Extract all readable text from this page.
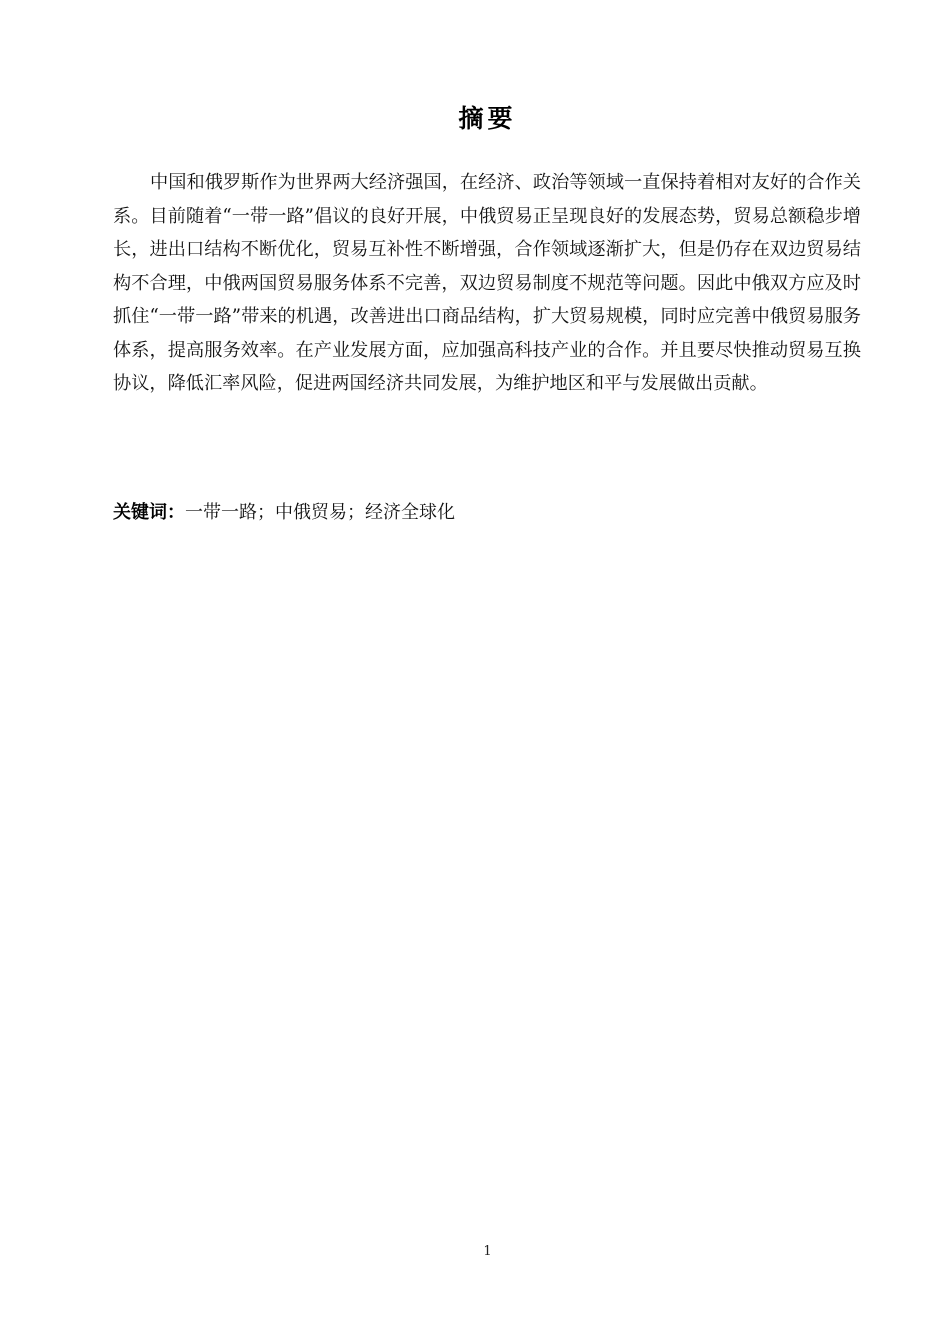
摘要

中国和俄罗斯作为世界两大经济强国，在经济、政治等领域一直保持着相对友好的合作关系。目前随着“一带一路”倡议的良好开展，中俄贸易正呈现良好的发展态势，贸易总额稳步增长，进出口结构不断优化，贸易互补性不断增强，合作领域逐渐扩大，但是仍存在双边贸易结构不合理，中俄两国贸易服务体系不完善，双边贸易制度不规范等问题。因此中俄双方应及时抓住“一带一路”带来的机遇，改善进出口商品结构，扩大贸易规模，同时应完善中俄贸易服务体系，提高服务效率。在产业发展方面，应加强高科技产业的合作。并且要尽快推动贸易互换协议，降低汇率风险，促进两国经济共同发展，为维护地区和平与发展做出贡献。

关键词：一带一路；中俄贸易；经济全球化

1
